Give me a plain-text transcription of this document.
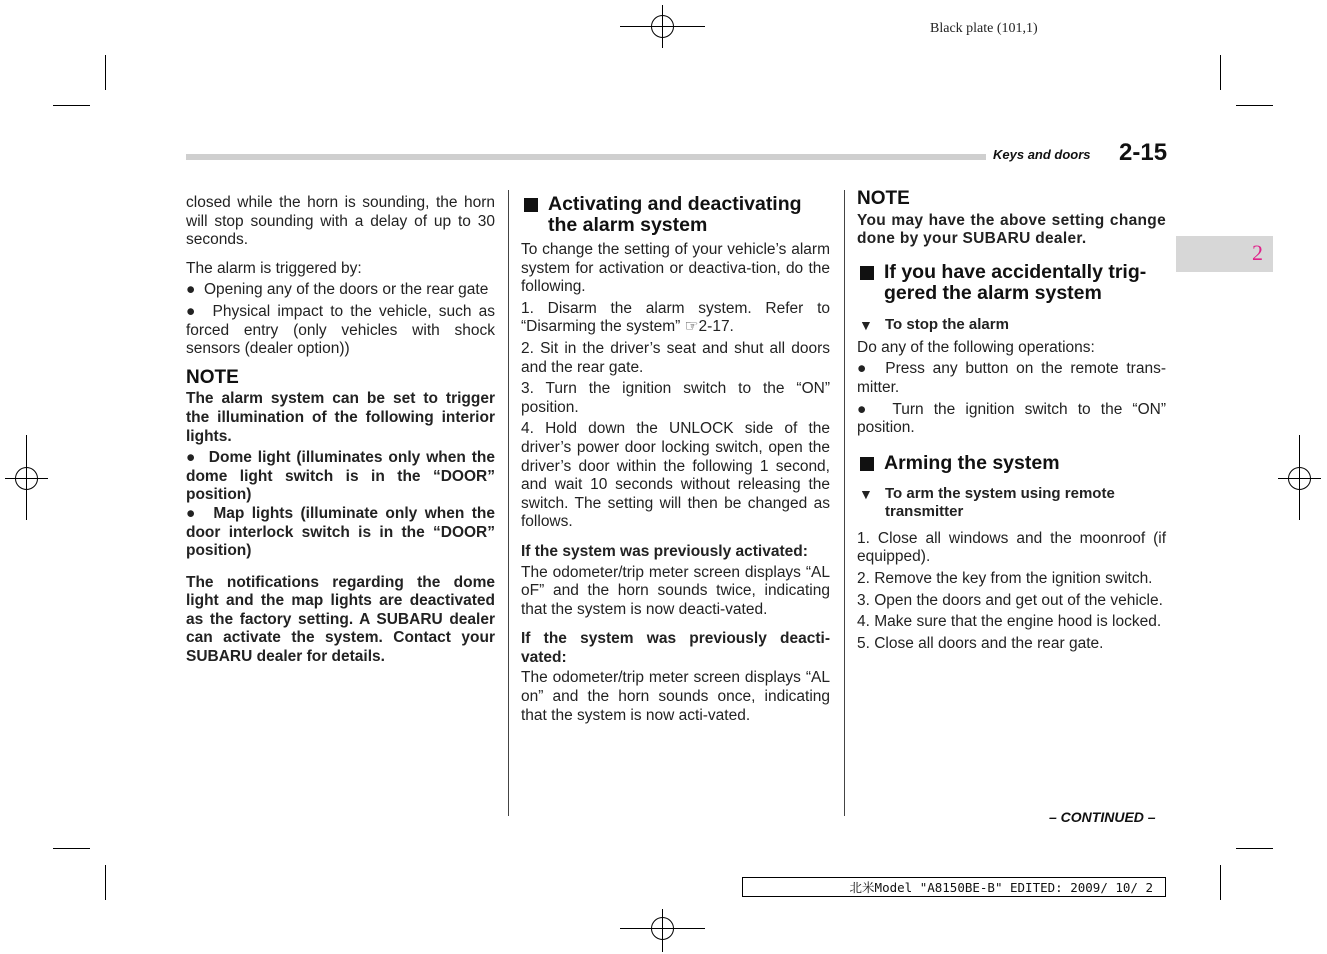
Black plate (101,1)
Keys and doors 2-15
2

closed while the horn is sounding, the horn will stop sounding with a delay of up to 30 seconds.

The alarm is triggered by:

●  Opening any of the doors or the rear gate

●  Physical impact to the vehicle, such as forced entry (only vehicles with shock sensors (dealer option))

NOTE

The alarm system can be set to trigger the illumination of the following interior lights.

●  Dome light (illuminates only when the dome light switch is in the “DOOR” position)

●  Map lights (illuminate only when the door interlock switch is in the “DOOR” position)

The notifications regarding the dome light and the map lights are deactivated as the factory setting. A SUBARU dealer can activate the system. Contact your SUBARU dealer for details.

Activating and deactivating the alarm system

To change the setting of your vehicle’s alarm system for activation or deactiva-tion, do the following.

1. Disarm the alarm system. Refer to “Disarming the system” ☞2-17.

2. Sit in the driver’s seat and shut all doors and the rear gate.

3. Turn the ignition switch to the “ON” position.

4. Hold down the UNLOCK side of the driver’s power door locking switch, open the driver’s door within the following 1 second, and wait 10 seconds without releasing the switch. The setting will then be changed as follows.

If the system was previously activated:

The odometer/trip meter screen displays “AL oF” and the horn sounds twice, indicating that the system is now deacti-vated.

If the system was previously deacti-vated:

The odometer/trip meter screen displays “AL on” and the horn sounds once, indicating that the system is now acti-vated.

NOTE

You may have the above setting change done by your SUBARU dealer.

If you have accidentally trig-gered the alarm system
▼ To stop the alarm

Do any of the following operations:

●  Press any button on the remote trans-mitter.

●  Turn the ignition switch to the “ON” position.

Arming the system
▼ To arm the system using remote transmitter

1. Close all windows and the moonroof (if equipped).

2. Remove the key from the ignition switch.

3. Open the doors and get out of the vehicle.

4. Make sure that the engine hood is locked.

5. Close all doors and the rear gate.

– CONTINUED –
北米Model "A8150BE-B" EDITED: 2009/ 10/ 2
